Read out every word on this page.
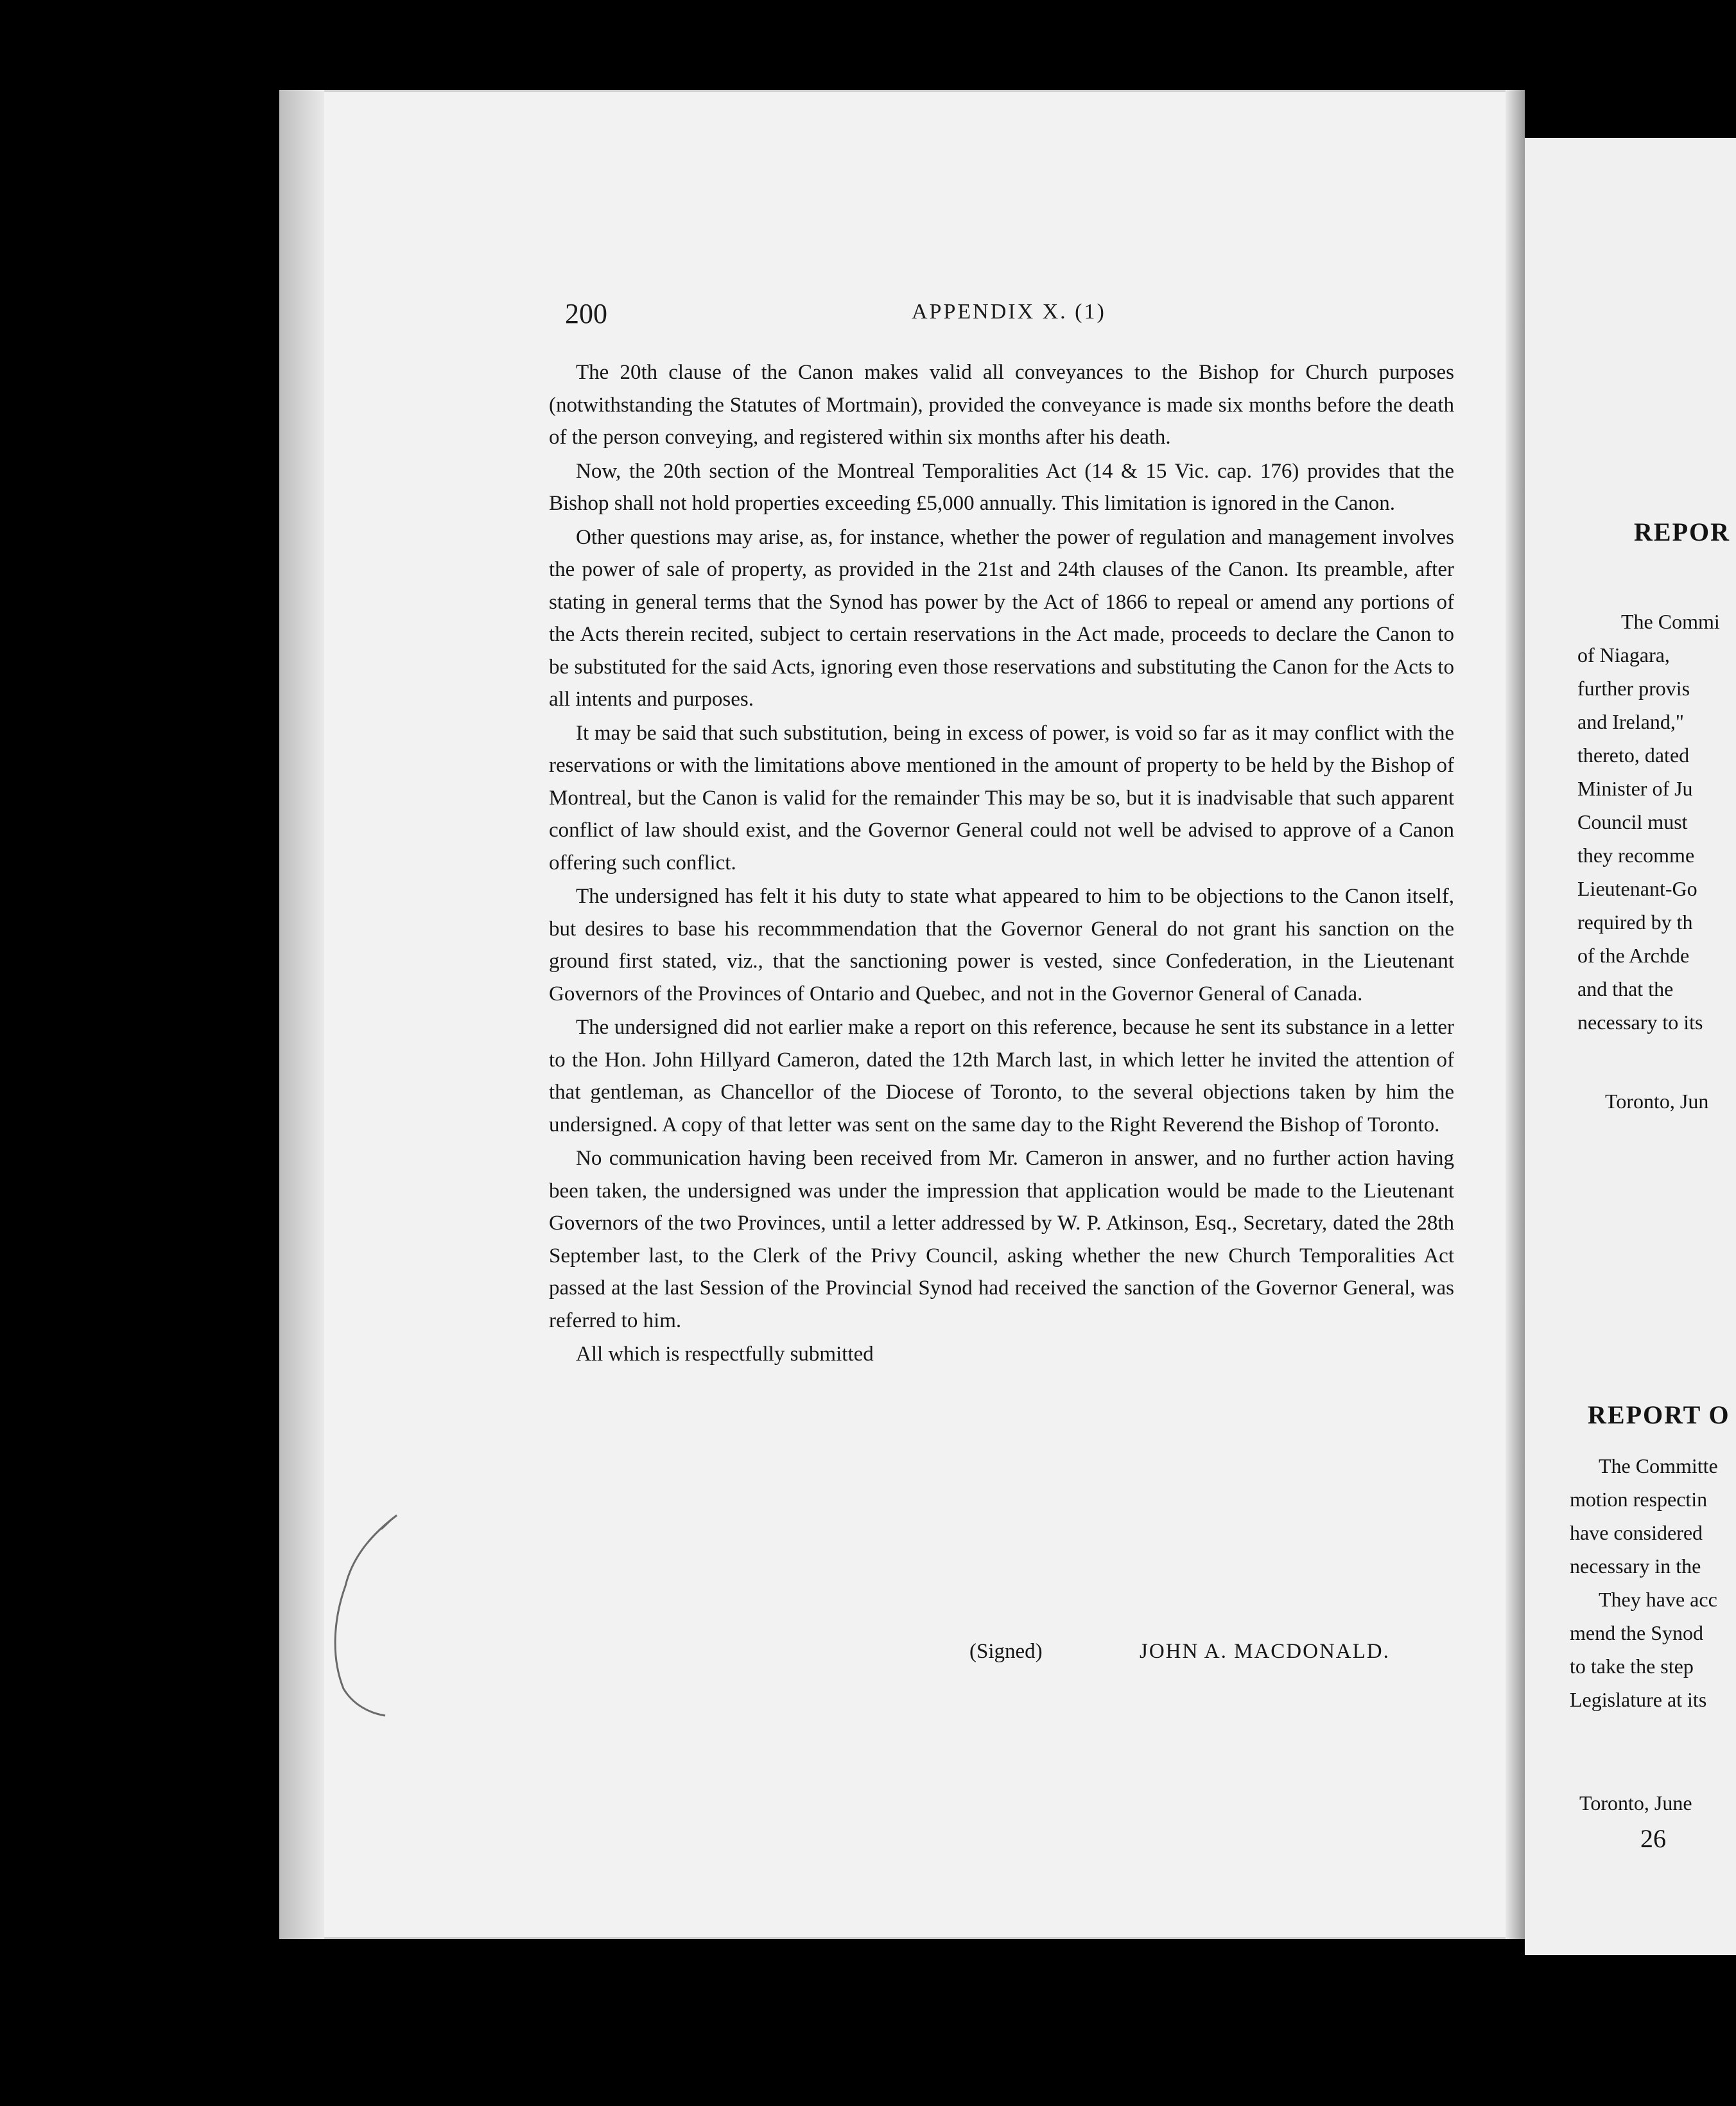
200	APPENDIX X. (1)

The 20th clause of the Canon makes valid all conveyances to the Bishop for Church purposes (notwithstanding the Statutes of Mortmain), provided the conveyance is made six months before the death of the person conveying, and registered within six months after his death.

Now, the 20th section of the Montreal Temporalities Act (14 & 15 Vic. cap. 176) provides that the Bishop shall not hold properties exceeding £5,000 annually. This limitation is ignored in the Canon.

Other questions may arise, as, for instance, whether the power of regulation and management involves the power of sale of property, as provided in the 21st and 24th clauses of the Canon. Its preamble, after stating in general terms that the Synod has power by the Act of 1866 to repeal or amend any portions of the Acts therein recited, subject to certain reservations in the Act made, proceeds to declare the Canon to be substituted for the said Acts, ignoring even those reservations and substituting the Canon for the Acts to all intents and purposes.

It may be said that such substitution, being in excess of power, is void so far as it may conflict with the reservations or with the limitations above mentioned in the amount of property to be held by the Bishop of Montreal, but the Canon is valid for the remainder This may be so, but it is inadvisable that such apparent conflict of law should exist, and the Governor General could not well be advised to approve of a Canon offering such conflict.

The undersigned has felt it his duty to state what appeared to him to be objections to the Canon itself, but desires to base his recommmendation that the Governor General do not grant his sanction on the ground first stated, viz., that the sanctioning power is vested, since Confederation, in the Lieutenant Governors of the Provinces of Ontario and Quebec, and not in the Governor General of Canada.

The undersigned did not earlier make a report on this reference, because he sent its substance in a letter to the Hon. John Hillyard Cameron, dated the 12th March last, in which letter he invited the attention of that gentleman, as Chancellor of the Diocese of Toronto, to the several objections taken by him the undersigned. A copy of that letter was sent on the same day to the Right Reverend the Bishop of Toronto.

No communication having been received from Mr. Cameron in answer, and no further action having been taken, the undersigned was under the impression that application would be made to the Lieutenant Governors of the two Provinces, until a letter addressed by W. P. Atkinson, Esq., Secretary, dated the 28th September last, to the Clerk of the Privy Council, asking whether the new Church Temporalities Act passed at the last Session of the Provincial Synod had received the sanction of the Governor General, was referred to him.

All which is respectfully submitted

(Signed)	JOHN A. MACDONALD.
REPOR
The Commi
of Niagara,
further provis
and Ireland,"
thereto, dated
Minister of Ju
Council must
they recomme
Lieutenant-Go
required by th
of the Archde
and that the
necessary to its
Toronto, Jun
REPORT O
The Committe
motion respectin
have considered
necessary in the
They have acc
mend the Synod
to take the step
Legislature at its
Toronto, June
26
